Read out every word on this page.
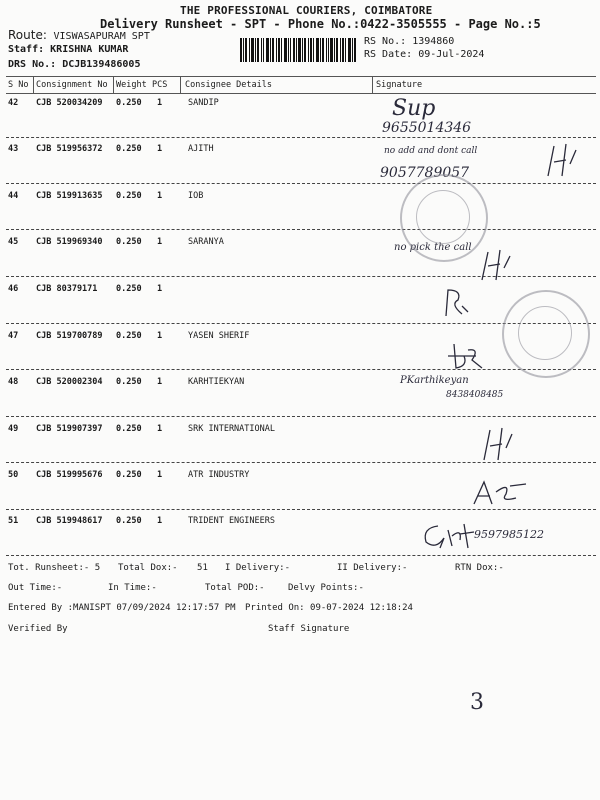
THE PROFESSIONAL COURIERS, COIMBATORE
Delivery Runsheet - SPT - Phone No.:0422-3505555 - Page No.:5
Route: VISWASAPURAM SPT
Staff: KRISHNA KUMAR
DRS No.: DCJB139486005
RS No.: 1394860
RS Date: 09-Jul-2024
S No Consignment No Weight PCS Consignee Details	Signature
42 CJB 520034209 0.250 1	SANDIP
43 CJB 519956372 0.250 1	AJITH
44 CJB 519913635 0.250 1	IOB
45 CJB 519969340 0.250 1	SARANYA
46 CJB 80379171 0.250 1
47 CJB 519700789 0.250 1	YASEN SHERIF
48 CJB 520002304 0.250 1	KARHTIEKYAN
49 CJB 519907397 0.250 1	SRK INTERNATIONAL
50 CJB 519995676 0.250 1	ATR INDUSTRY
51 CJB 519948617 0.250 1	TRIDENT ENGINEERS
Sup
9655014346
no add and dont call
9057789057
no pick the call
PKarthikeyan
8438408485
9597985122
3
Tot. Runsheet:- 5 Total Dox:- 51 I Delivery:-	II Delivery:-	RTN Dox:-
Out Time:-	In Time:-	Total POD:-	Delvy Points:-
Entered By :MANISPT 07/09/2024 12:17:57 PM Printed On: 09-07-2024 12:18:24
Verified By	Staff Signature
